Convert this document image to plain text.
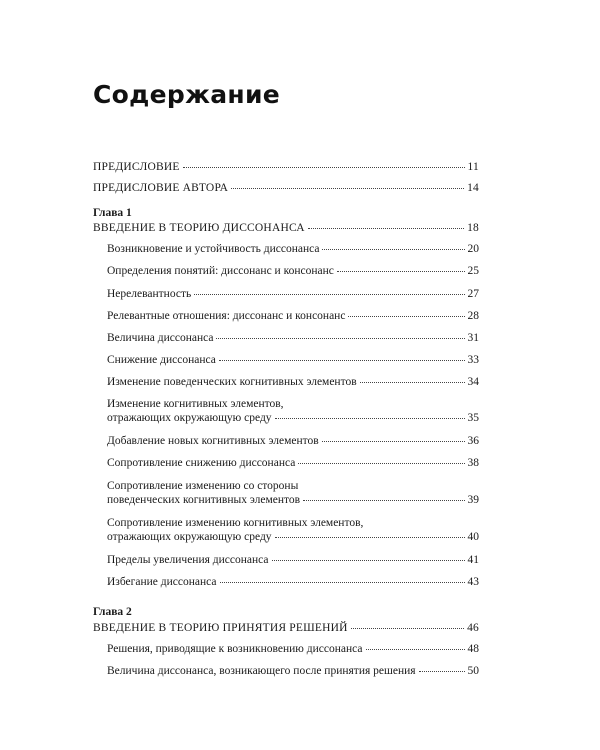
Содержание
ПРЕДИСЛОВИЕ	11
ПРЕДИСЛОВИЕ АВТОРА	14
Глава 1
ВВЕДЕНИЕ В ТЕОРИЮ ДИССОНАНСА	18
Возникновение и устойчивость диссонанса	20
Определения понятий: диссонанс и консонанс	25
Нерелевантность	27
Релевантные отношения: диссонанс и консонанс	28
Величина диссонанса	31
Снижение диссонанса	33
Изменение поведенческих когнитивных элементов	34
Изменение когнитивных элементов,
отражающих окружающую среду	35
Добавление новых когнитивных элементов	36
Сопротивление снижению диссонанса	38
Сопротивление изменению со стороны
поведенческих когнитивных элементов	39
Сопротивление изменению когнитивных элементов,
отражающих окружающую среду	40
Пределы увеличения диссонанса	41
Избегание диссонанса	43
Глава 2
ВВЕДЕНИЕ В ТЕОРИЮ ПРИНЯТИЯ РЕШЕНИЙ	46
Решения, приводящие к возникновению диссонанса	48
Величина диссонанса, возникающего после принятия решения	50
